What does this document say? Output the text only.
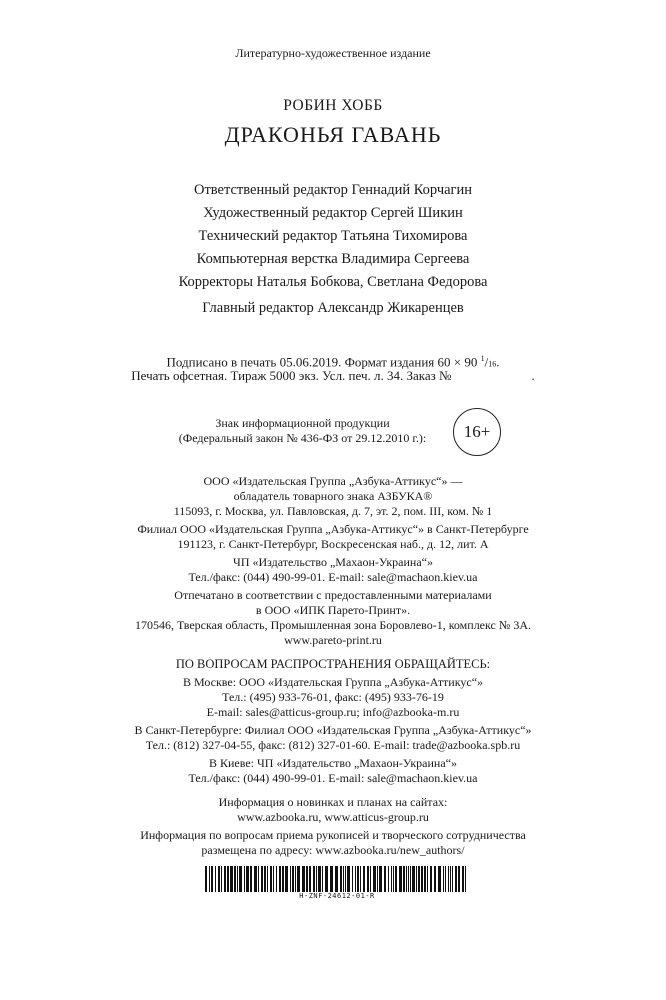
Литературно-художественное издание
РОБИН ХОББ
ДРАКОНЬЯ ГАВАНЬ
Ответственный редактор Геннадий Корчагин
Художественный редактор Сергей Шикин
Технический редактор Татьяна Тихомирова
Компьютерная верстка Владимира Сергеева
Корректоры Наталья Бобкова, Светлана Федорова
Главный редактор Александр Жикаренцев
Подписано в печать 05.06.2019. Формат издания 60 × 90 $^1$/16.
Печать офсетная. Тираж 5000 экз. Усл. печ. л. 34. Заказ №	.
Знак информационной продукции
(Федеральный закон № 436-ФЗ от 29.12.2010 г.):	16+
ООО «Издательская Группа „Азбука-Аттикус“» —
обладатель товарного знака АЗБУКА®
115093, г. Москва, ул. Павловская, д. 7, эт. 2, пом. III, ком. № 1
Филиал ООО «Издательская Группа „Азбука-Аттикус“» в Санкт-Петербурге
191123, г. Санкт-Петербург, Воскресенская наб., д. 12, лит. А
ЧП «Издательство „Махаон-Украина“»
Тел./факс: (044) 490-99-01. E-mail: sale@machaon.kiev.ua
Отпечатано в соответствии с предоставленными материалами
в ООО «ИПК Парето-Принт».
170546, Тверская область, Промышленная зона Боровлево-1, комплекс № 3А.
www.pareto-print.ru
ПО ВОПРОСАМ РАСПРОСТРАНЕНИЯ ОБРАЩАЙТЕСЬ:
В Москве: ООО «Издательская Группа „Азбука-Аттикус“»
Тел.: (495) 933-76-01, факс: (495) 933-76-19
E-mail: sales@atticus-group.ru; info@azbooka-m.ru
В Санкт-Петербурге: Филиал ООО «Издательская Группа „Азбука-Аттикус“»
Тел.: (812) 327-04-55, факс: (812) 327-01-60. E-mail: trade@azbooka.spb.ru
В Киеве: ЧП «Издательство „Махаон-Украина“»
Тел./факс: (044) 490-99-01. E-mail: sale@machaon.kiev.ua
Информация о новинках и планах на сайтах:
www.azbooka.ru, www.atticus-group.ru
Информация по вопросам приема рукописей и творческого сотрудничества
размещена по адресу: www.azbooka.ru/new_authors/
H-ZNF-24612-01-R
